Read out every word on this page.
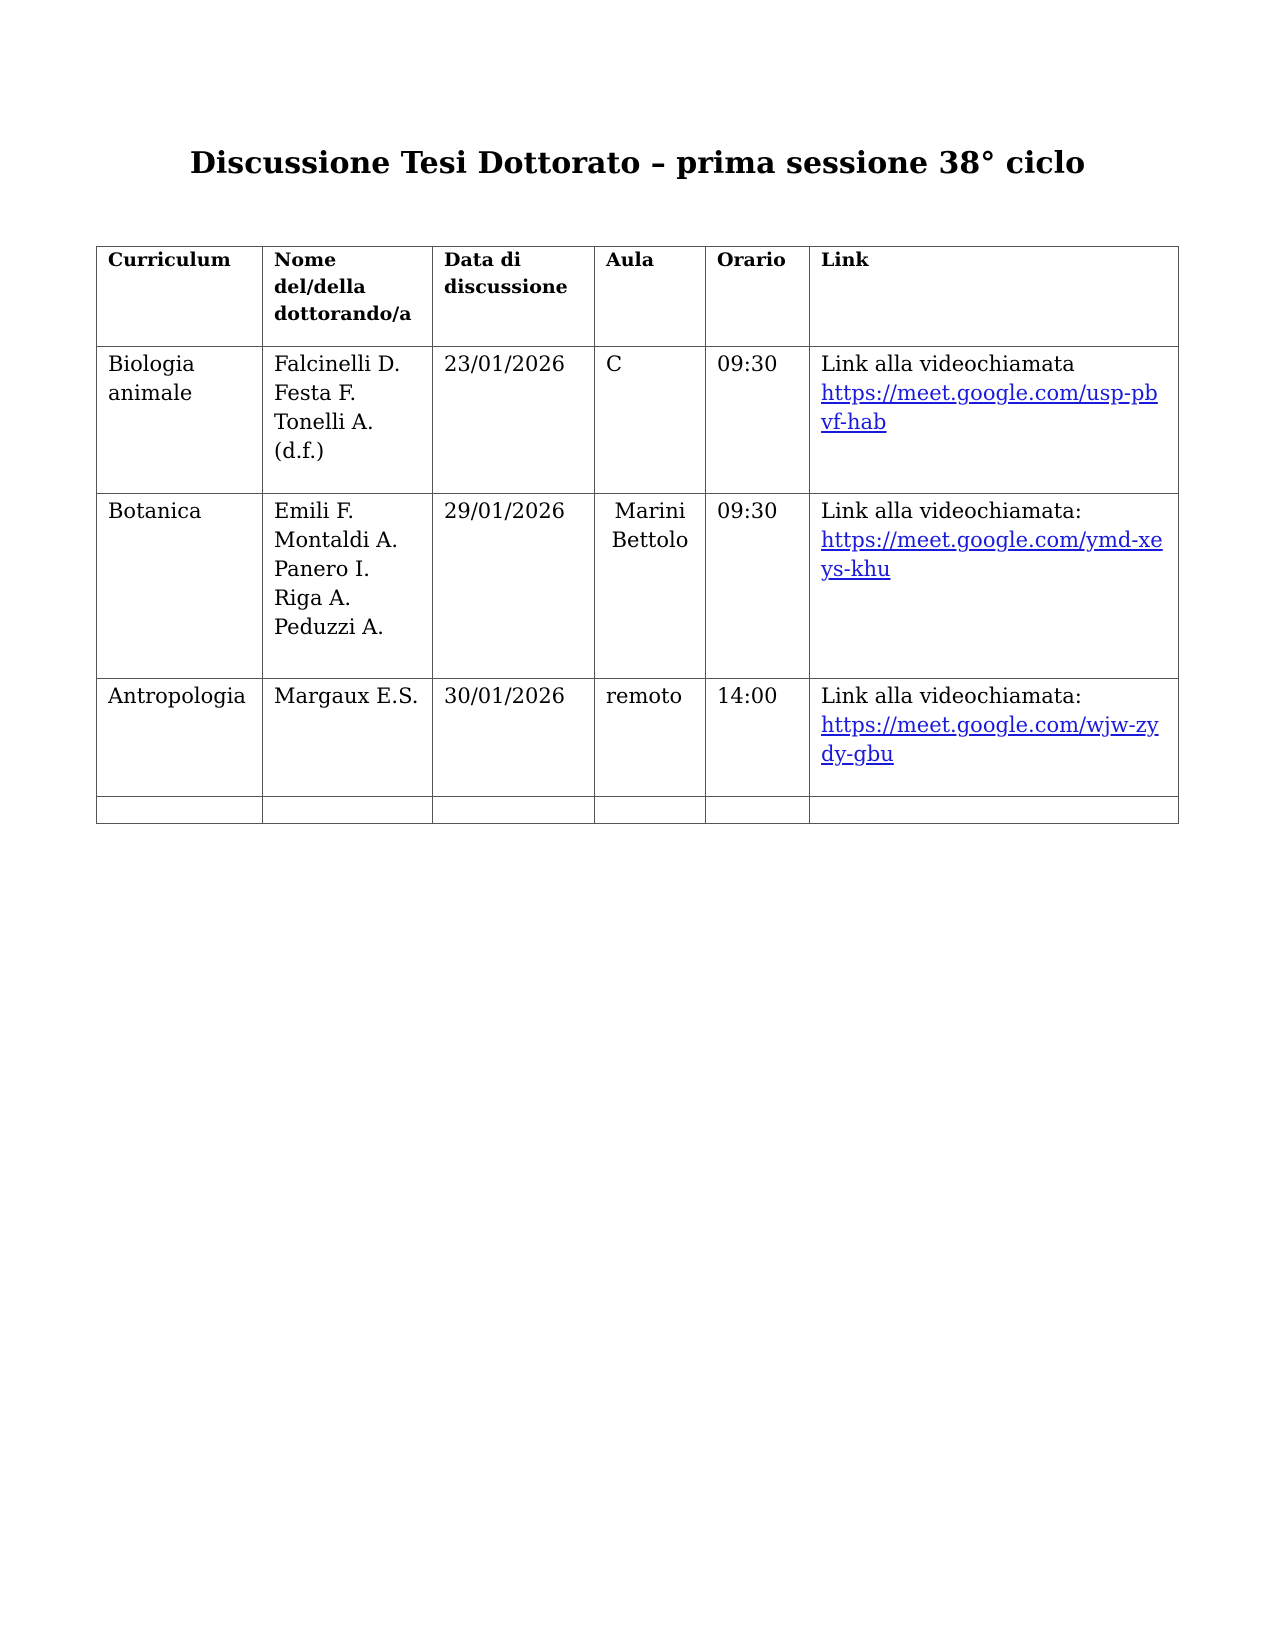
Discussione Tesi Dottorato – prima sessione 38° ciclo
Curriculum	Nome
del/della
dottorando/a	Data di
discussione	Aula	Orario	Link
Biologia
animale	Falcinelli D.
Festa F.
Tonelli A.
(d.f.)	23/01/2026	C	09:30	Link alla videochiamata
https://meet.google.com/usp-pbvf-hab
Botanica	Emili F.
Montaldi A.
Panero I.
Riga A.
Peduzzi A.	29/01/2026	Marini
Bettolo	09:30	Link alla videochiamata:
https://meet.google.com/ymd-xeys-khu
Antropologia	Margaux E.S.	30/01/2026	remoto	14:00	Link alla videochiamata:
https://meet.google.com/wjw-zydy-gbu
